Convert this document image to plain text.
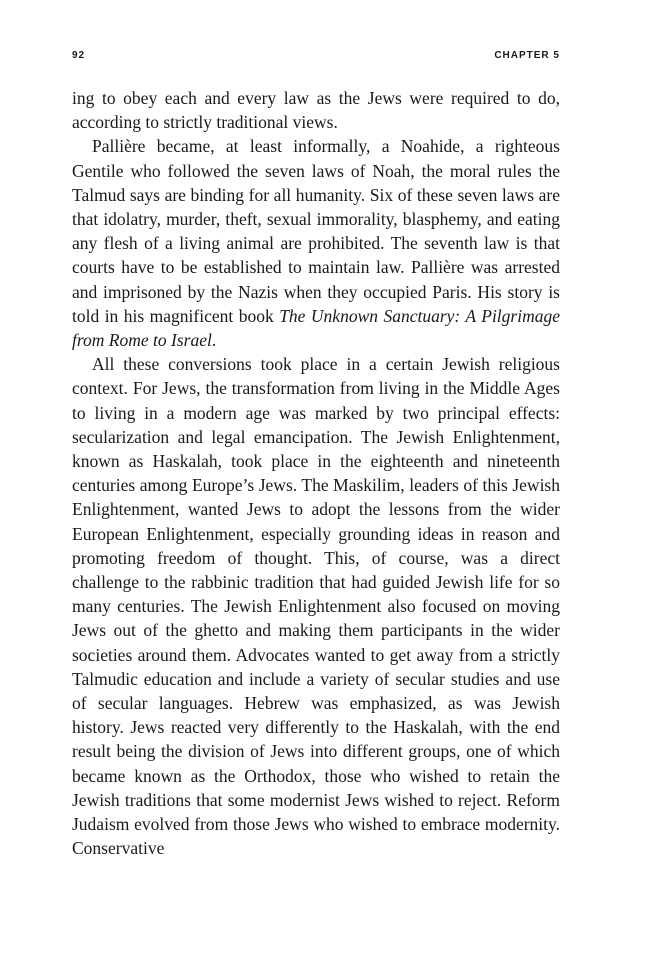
92	CHAPTER 5

ing to obey each and every law as the Jews were required to do, according to strictly traditional views.

Pallière became, at least informally, a Noahide, a righteous Gentile who followed the seven laws of Noah, the moral rules the Talmud says are binding for all humanity. Six of these seven laws are that idolatry, murder, theft, sexual immorality, blasphemy, and eating any flesh of a living animal are prohibited. The seventh law is that courts have to be established to maintain law. Pallière was arrested and imprisoned by the Nazis when they occupied Paris. His story is told in his magnificent book The Unknown Sanctuary: A Pilgrimage from Rome to Israel.

All these conversions took place in a certain Jewish religious context. For Jews, the transformation from living in the Middle Ages to living in a modern age was marked by two principal effects: secularization and legal emancipation. The Jewish Enlightenment, known as Haskalah, took place in the eighteenth and nineteenth centuries among Europe’s Jews. The Maskilim, leaders of this Jewish Enlightenment, wanted Jews to adopt the lessons from the wider European Enlightenment, especially grounding ideas in reason and promoting freedom of thought. This, of course, was a direct challenge to the rabbinic tradition that had guided Jewish life for so many centuries. The Jewish Enlightenment also focused on moving Jews out of the ghetto and making them participants in the wider societies around them. Advocates wanted to get away from a strictly Talmudic education and include a variety of secular studies and use of secular languages. Hebrew was emphasized, as was Jewish history. Jews reacted very differently to the Haskalah, with the end result being the division of Jews into different groups, one of which became known as the Orthodox, those who wished to retain the Jewish traditions that some modernist Jews wished to reject. Reform Judaism evolved from those Jews who wished to embrace modernity. Conservative
